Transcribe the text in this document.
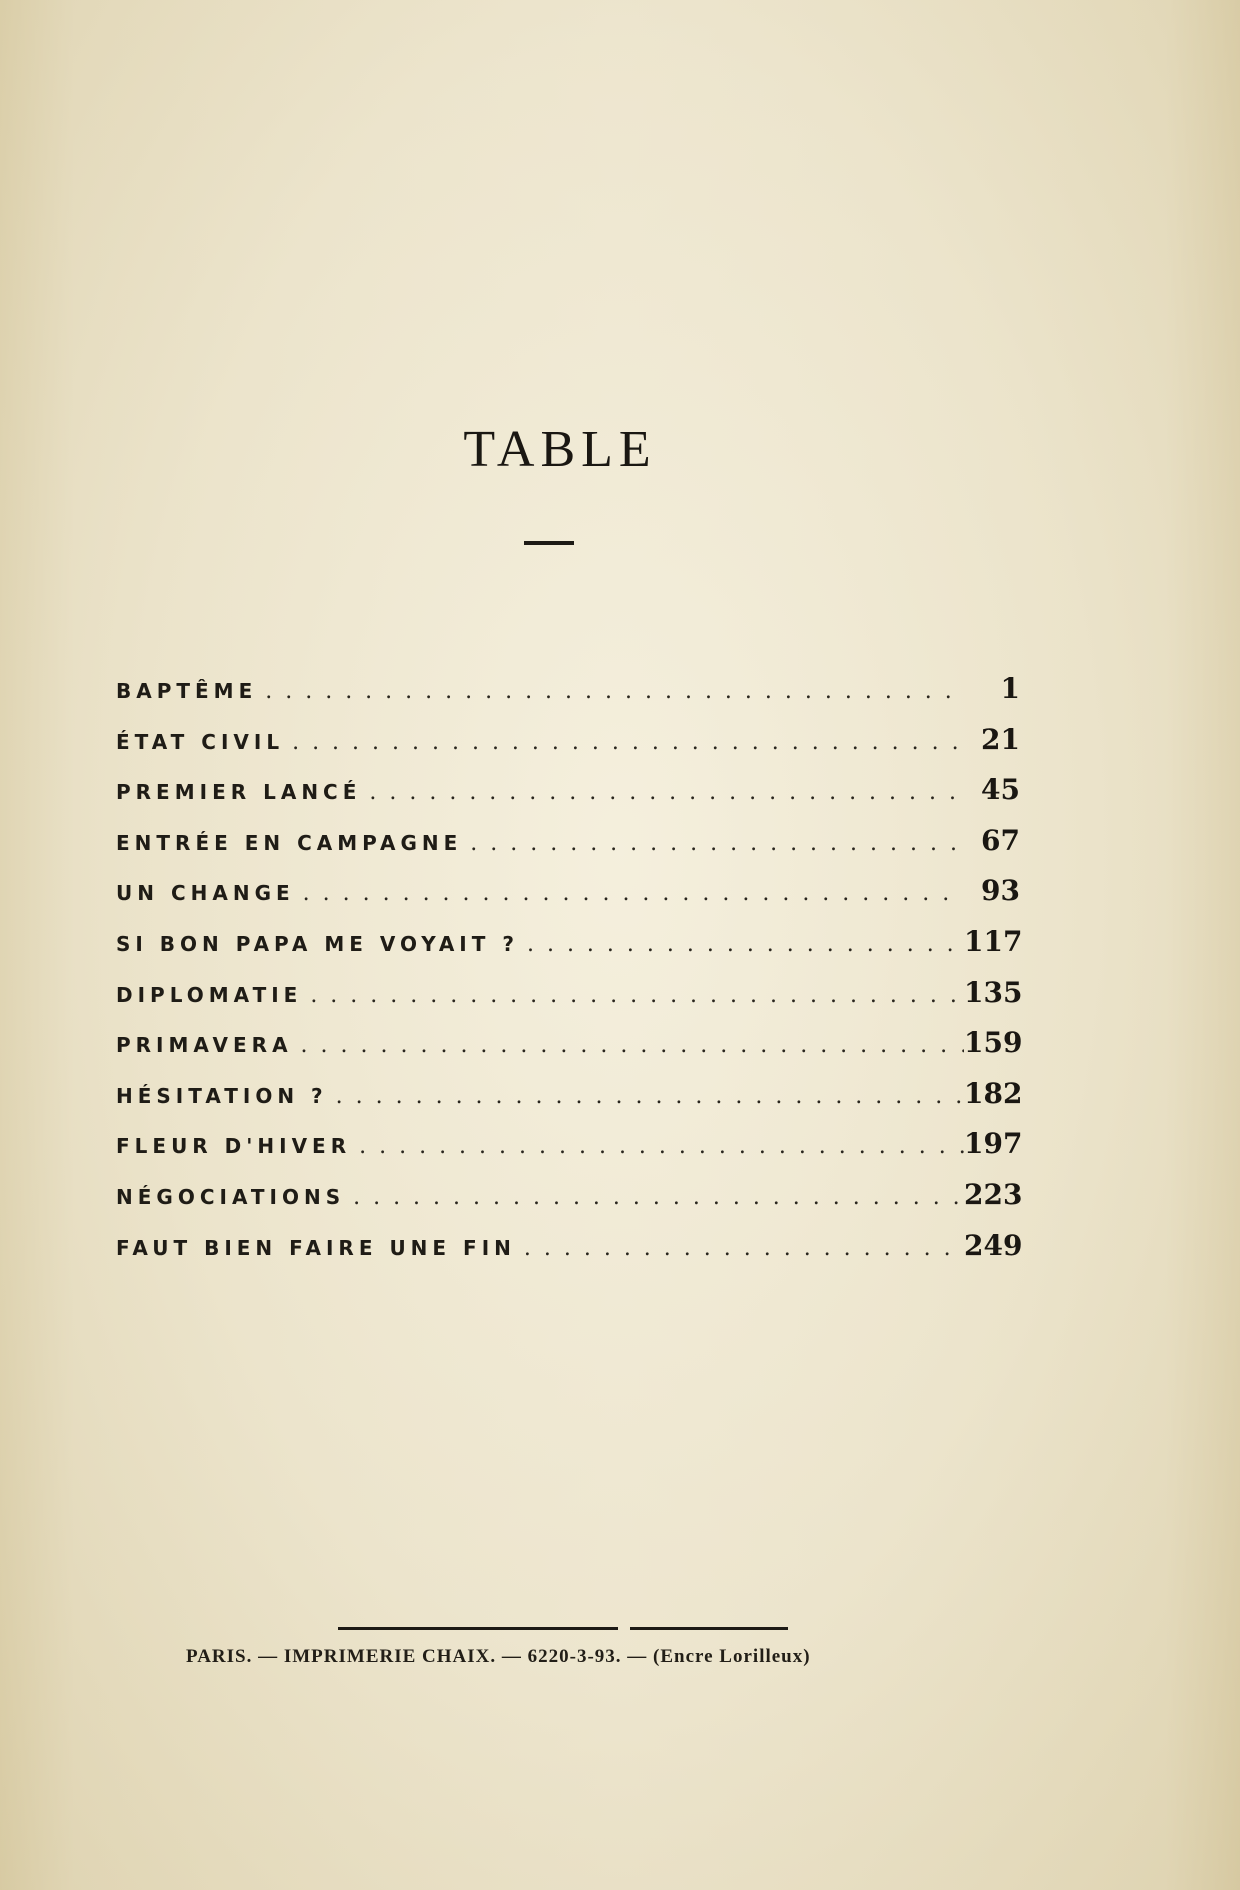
TABLE
BAPTÊME . . .	1
ÉTAT CIVIL . . .	21
PREMIER LANCÉ . . .	45
ENTRÉE EN CAMPAGNE . . .	67
UN CHANGE . . .	93
SI BON PAPA ME VOYAIT ? . . .	117
DIPLOMATIE . . .	135
PRIMAVERA . . .	159
HÉSITATION ? . . .	182
FLEUR D'HIVER . . .	197
NÉGOCIATIONS . . .	223
FAUT BIEN FAIRE UNE FIN . . .	249
PARIS. — IMPRIMERIE CHAIX. — 6220-3-93. — (Encre Lorilleux)
